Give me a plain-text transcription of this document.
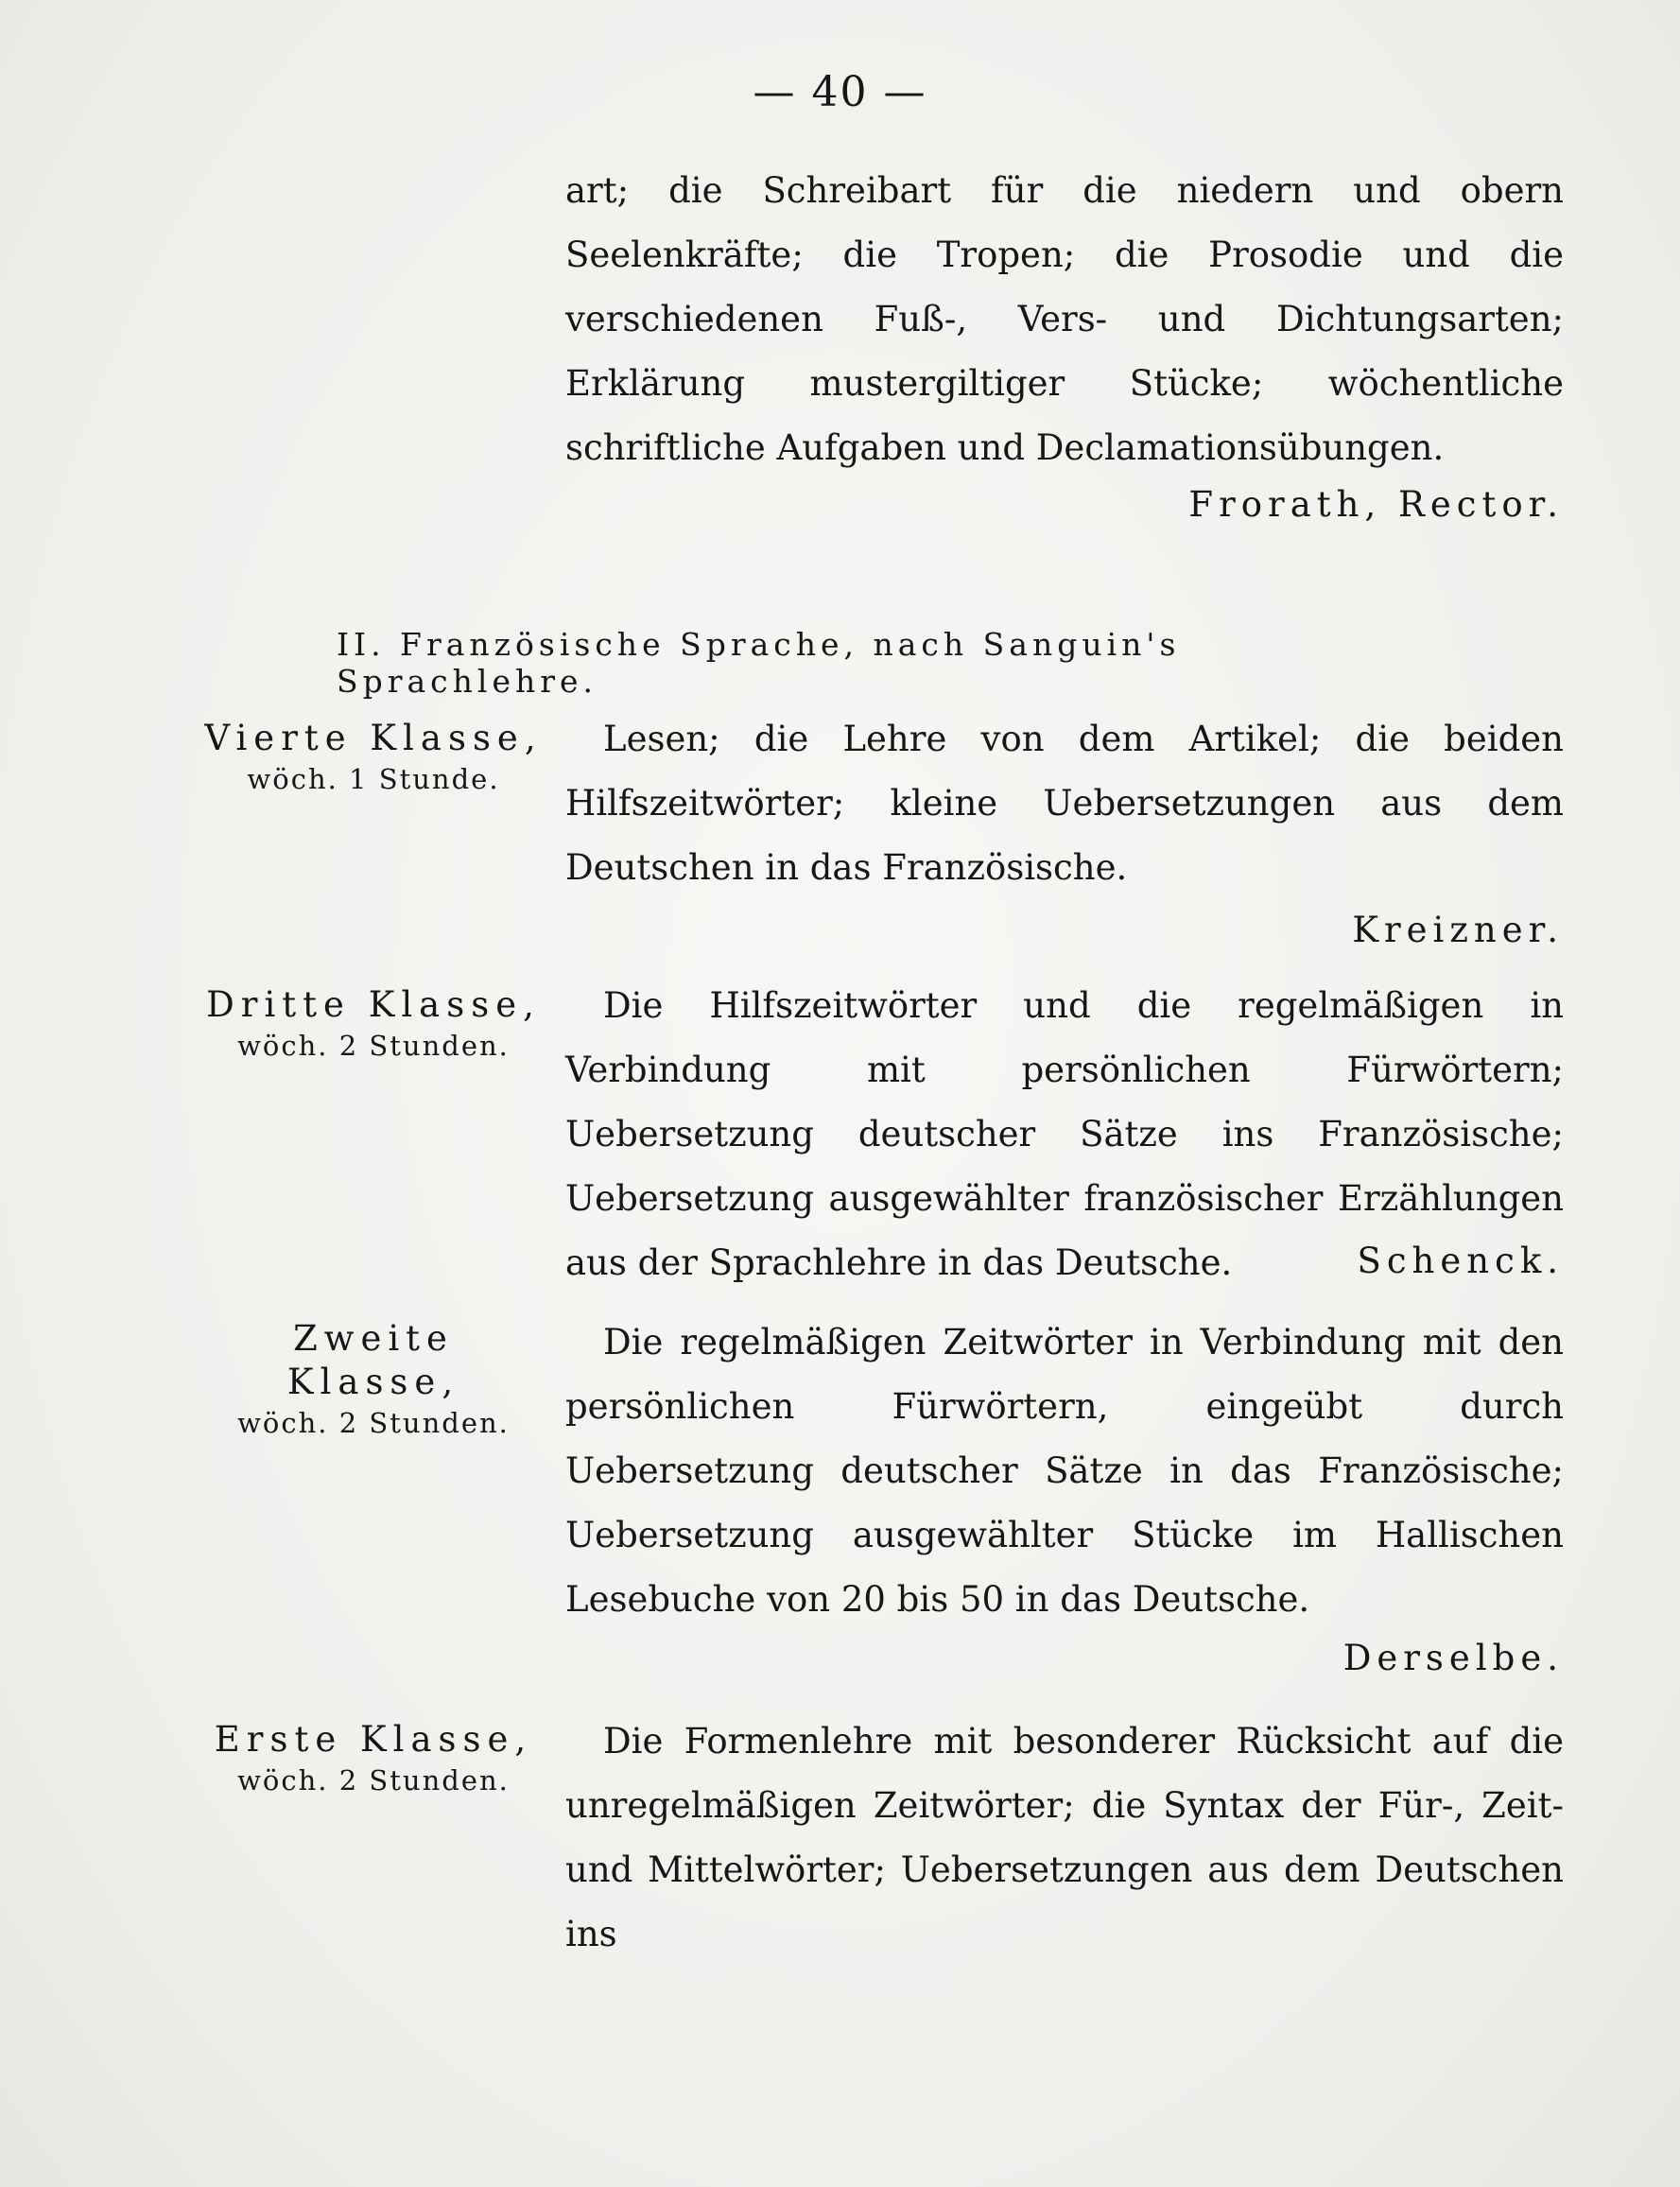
— 40 —
art; die Schreibart für die niedern und obern Seelenkräfte; die Tropen; die Prosodie und die verschiedenen Fuß-, Vers- und Dichtungsarten; Erklärung mustergiltiger Stücke; wöchentliche schriftliche Aufgaben und Declamationsübungen.
Frorath, Rector.
II. Französische Sprache, nach Sanguin's Sprachlehre.
Vierte Klasse,
wöch. 1 Stunde.
Lesen; die Lehre von dem Artikel; die beiden Hilfszeitwörter; kleine Uebersetzungen aus dem Deutschen in das Französische.
Kreizner.
Dritte Klasse,
wöch. 2 Stunden.
Die Hilfszeitwörter und die regelmäßigen in Verbindung mit persönlichen Fürwörtern; Uebersetzung deutscher Sätze ins Französische; Uebersetzung ausgewählter französischer Erzählungen aus der Sprachlehre in das Deutsche.	Schenck.
Zweite Klasse,
wöch. 2 Stunden.
Die regelmäßigen Zeitwörter in Verbindung mit den persönlichen Fürwörtern, eingeübt durch Uebersetzung deutscher Sätze in das Französische; Uebersetzung ausgewählter Stücke im Hallischen Lesebuche von 20 bis 50 in das Deutsche.
Derselbe.
Erste Klasse,
wöch. 2 Stunden.
Die Formenlehre mit besonderer Rücksicht auf die unregelmäßigen Zeitwörter; die Syntax der Für-, Zeit- und Mittelwörter; Uebersetzungen aus dem Deutschen ins
